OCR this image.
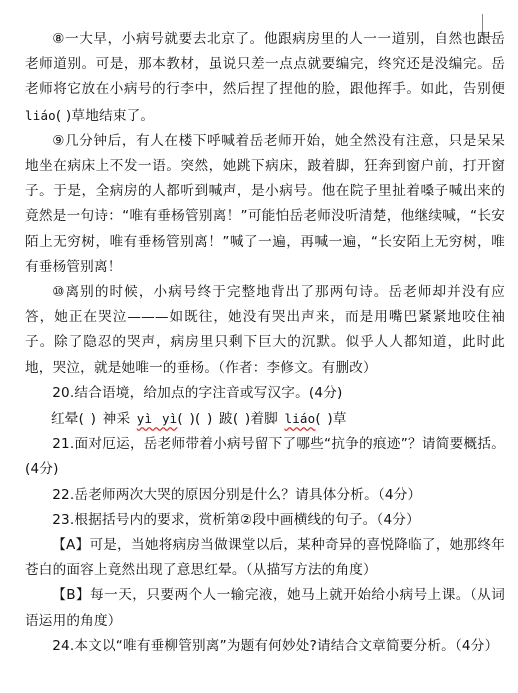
⑧一大早，小病号就要去北京了。他跟病房里的人一一道别，自然也跟岳老师道别。可是，那本教材，虽说只差一点点就要编完，终究还是没编完。岳老师将它放在小病号的行李中，然后捏了捏他的脸，跟他挥手。如此，告别便liáo( )草地结束了。

⑨几分钟后，有人在楼下呼喊着岳老师开始，她全然没有注意，只是呆呆地坐在病床上不发一语。突然，她跳下病床，跛着脚，狂奔到窗户前，打开窗子。于是，全病房的人都听到喊声，是小病号。他在院子里扯着嗓子喊出来的竟然是一句诗：“唯有垂杨管别离！”可能怕岳老师没听清楚，他继续喊，“长安陌上无穷树，唯有垂杨管别离！”喊了一遍，再喊一遍，“长安陌上无穷树，唯有垂杨管别离！

⑩离别的时候，小病号终于完整地背出了那两句诗。岳老师却并没有应答，她正在哭泣———如既往，她没有哭出声来，而是用嘴巴紧紧地咬住袖子。除了隐忍的哭声，病房里只剩下巨大的沉默。似乎人人都知道，此时此地，哭泣，就是她唯一的垂杨。（作者：李修文。有删改）

20.结合语境，给加点的字注音或写汉字。(4分)

红晕( ) 神采 yì yì( )( ) 跛( )着脚 liáo( )草

21.面对厄运，岳老师带着小病号留下了哪些“抗争的痕迹”？请简要概括。(4分)

22.岳老师两次大哭的原因分别是什么？请具体分析。（4分）

23.根据括号内的要求，赏析第②段中画横线的句子。（4分）

【A】可是，当她将病房当做课堂以后，某种奇异的喜悦降临了，她那终年苍白的面容上竟然出现了意思红晕。（从描写方法的角度）

【B】每一天，只要两个人一输完液，她马上就开始给小病号上课。（从词语运用的角度）

24.本文以“唯有垂柳管别离”为题有何妙处?请结合文章简要分析。（4分）
